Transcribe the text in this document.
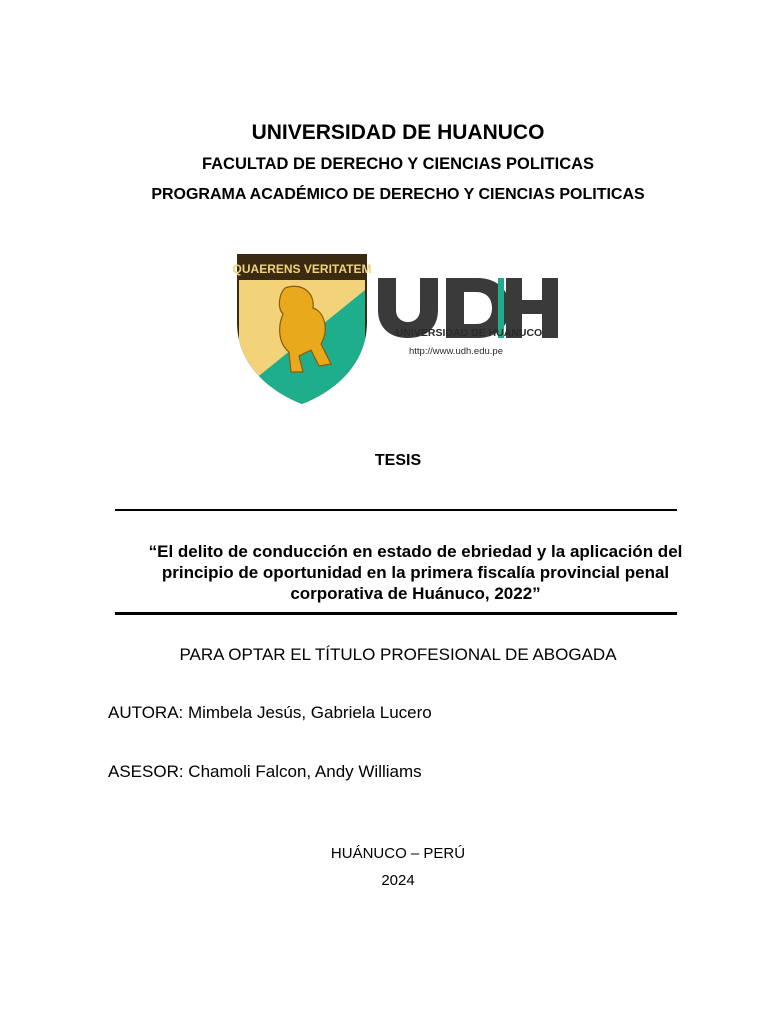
UNIVERSIDAD DE HUANUCO
FACULTAD DE DERECHO Y CIENCIAS POLITICAS
PROGRAMA ACADÉMICO DE DERECHO Y CIENCIAS POLITICAS
QUAERENS VERITATEM
UNIVERSIDAD DE HUANUCO
http://www.udh.edu.pe
TESIS
“El delito de conducción en estado de ebriedad y la aplicación del principio de oportunidad en la primera fiscalía provincial penal corporativa de Huánuco, 2022”
PARA OPTAR EL TÍTULO PROFESIONAL DE ABOGADA
AUTORA: Mimbela Jesús, Gabriela Lucero
ASESOR: Chamoli Falcon, Andy Williams
HUÁNUCO – PERÚ
2024
